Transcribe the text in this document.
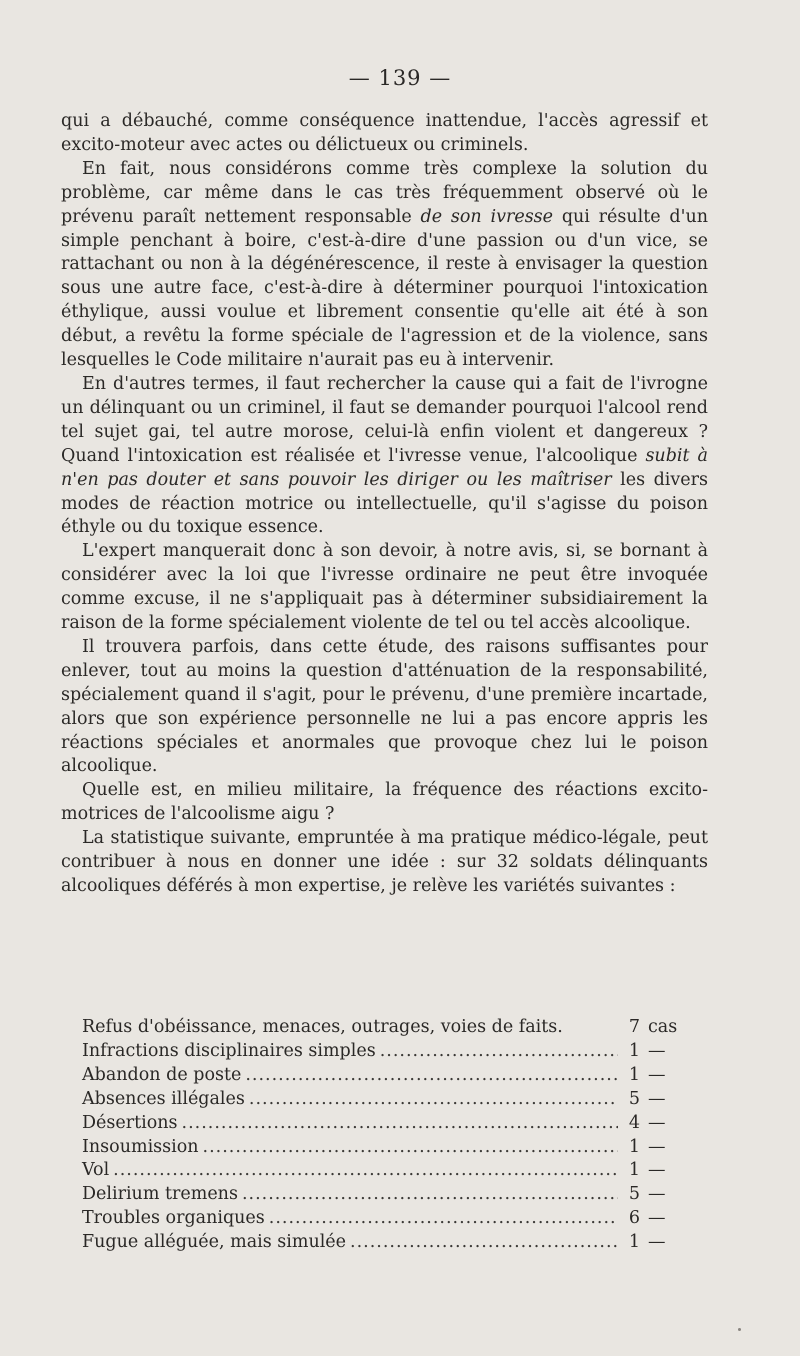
— 139 —

qui a débauché, comme conséquence inattendue, l'accès agressif et excito-moteur avec actes ou délictueux ou criminels.

En fait, nous considérons comme très complexe la solution du problème, car même dans le cas très fréquemment observé où le prévenu paraît nettement responsable de son ivresse qui résulte d'un simple penchant à boire, c'est-à-dire d'une passion ou d'un vice, se rattachant ou non à la dégénérescence, il reste à envisager la question sous une autre face, c'est-à-dire à déterminer pourquoi l'intoxication éthylique, aussi voulue et librement consentie qu'elle ait été à son début, a revêtu la forme spéciale de l'agression et de la violence, sans lesquelles le Code militaire n'aurait pas eu à intervenir.

En d'autres termes, il faut rechercher la cause qui a fait de l'ivrogne un délinquant ou un criminel, il faut se demander pourquoi l'alcool rend tel sujet gai, tel autre morose, celui-là enfin violent et dangereux ? Quand l'intoxication est réalisée et l'ivresse venue, l'alcoolique subit à n'en pas douter et sans pouvoir les diriger ou les maîtriser les divers modes de réaction motrice ou intellectuelle, qu'il s'agisse du poison éthyle ou du toxique essence.

L'expert manquerait donc à son devoir, à notre avis, si, se bornant à considérer avec la loi que l'ivresse ordinaire ne peut être invoquée comme excuse, il ne s'appliquait pas à déterminer subsidiairement la raison de la forme spécialement violente de tel ou tel accès alcoolique.

Il trouvera parfois, dans cette étude, des raisons suffisantes pour enlever, tout au moins la question d'atténuation de la responsabilité, spécialement quand il s'agit, pour le prévenu, d'une première incartade, alors que son expérience personnelle ne lui a pas encore appris les réactions spéciales et anormales que provoque chez lui le poison alcoolique.

Quelle est, en milieu militaire, la fréquence des réactions excito-motrices de l'alcoolisme aigu ?

La statistique suivante, empruntée à ma pratique médico-légale, peut contribuer à nous en donner une idée : sur 32 soldats délinquants alcooliques déférés à mon expertise, je relève les variétés suivantes :

Refus d'obéissance, menaces, outrages, voies de faits.	7 cas
Infractions disciplinaires simples .....	1 —
Abandon de poste .....	1 —
Absences illégales .....	5 —
Désertions .....	4 —
Insoumission .....	1 —
Vol .....	1 —
Delirium tremens .....	5 —
Troubles organiques .....	6 —
Fugue alléguée, mais simulée .....	1 —
